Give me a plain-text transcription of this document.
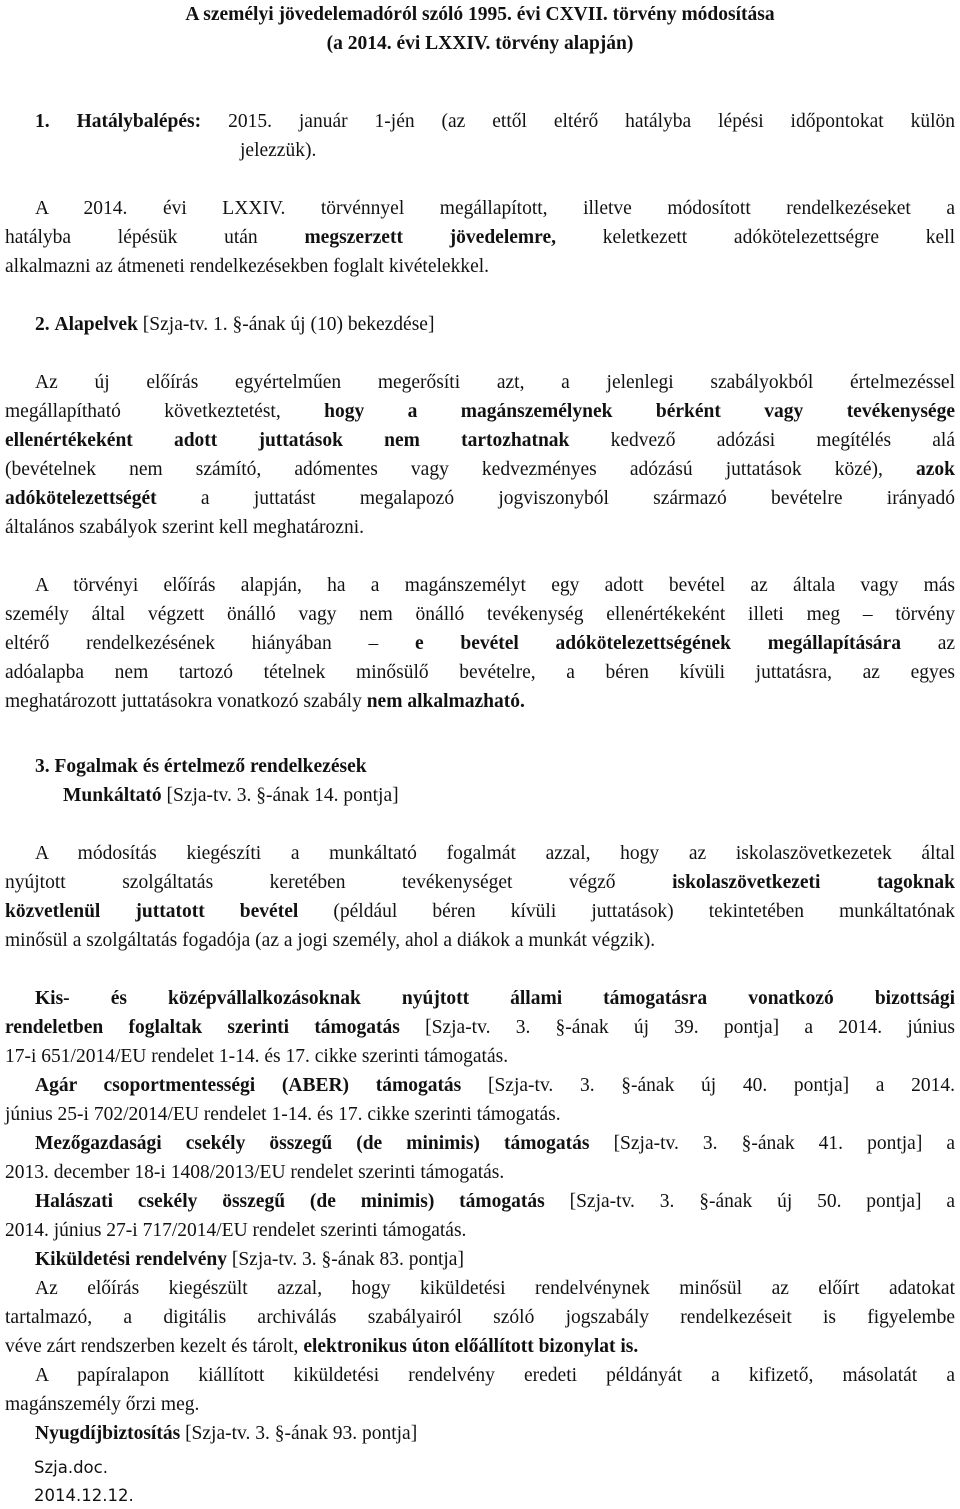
A személyi jövedelemadóról szóló 1995. évi CXVII. törvény módosítása
(a 2014. évi LXXIV. törvény alapján)
1. Hatálybalépés: 2015. január 1-jén (az ettől eltérő hatályba lépési időpontokat külön
jelezzük).
A 2014. évi LXXIV. törvénnyel megállapított, illetve módosított rendelkezéseket a
hatályba lépésük után megszerzett jövedelemre, keletkezett adókötelezettségre kell
alkalmazni az átmeneti rendelkezésekben foglalt kivételekkel.
2. Alapelvek [Szja-tv. 1. §-ának új (10) bekezdése]
Az új előírás egyértelműen megerősíti azt, a jelenlegi szabályokból értelmezéssel
megállapítható következtetést, hogy a magánszemélynek bérként vagy tevékenysége
ellenértékeként adott juttatások nem tartozhatnak kedvező adózási megítélés alá
(bevételnek nem számító, adómentes vagy kedvezményes adózású juttatások közé), azok
adókötelezettségét a juttatást megalapozó jogviszonyból származó bevételre irányadó
általános szabályok szerint kell meghatározni.
A törvényi előírás alapján, ha a magánszemélyt egy adott bevétel az általa vagy más
személy által végzett önálló vagy nem önálló tevékenység ellenértékeként illeti meg – törvény
eltérő rendelkezésének hiányában – e bevétel adókötelezettségének megállapítására az
adóalapba nem tartozó tételnek minősülő bevételre, a béren kívüli juttatásra, az egyes
meghatározott juttatásokra vonatkozó szabály nem alkalmazható.
3. Fogalmak és értelmező rendelkezések
Munkáltató [Szja-tv. 3. §-ának 14. pontja]
A módosítás kiegészíti a munkáltató fogalmát azzal, hogy az iskolaszövetkezetek által
nyújtott szolgáltatás keretében tevékenységet végző	iskolaszövetkezeti tagoknak
közvetlenül juttatott bevétel (például béren kívüli juttatások) tekintetében munkáltatónak
minősül a szolgáltatás fogadója (az a jogi személy, ahol a diákok a munkát végzik).
Kis- és középvállalkozásoknak nyújtott állami támogatásra vonatkozó bizottsági
rendeletben foglaltak szerinti támogatás [Szja-tv. 3. §-ának új 39. pontja] a 2014. június
17-i 651/2014/EU rendelet 1-14. és 17. cikke szerinti támogatás.
Agár csoportmentességi (ABER) támogatás [Szja-tv. 3. §-ának új 40. pontja] a 2014.
június 25-i 702/2014/EU rendelet 1-14. és 17. cikke szerinti támogatás.
Mezőgazdasági csekély összegű (de minimis) támogatás [Szja-tv. 3. §-ának 41. pontja] a
2013. december 18-i 1408/2013/EU rendelet szerinti támogatás.
Halászati csekély összegű (de minimis) támogatás [Szja-tv. 3. §-ának új 50. pontja] a
2014. június 27-i 717/2014/EU rendelet szerinti támogatás.
Kiküldetési rendelvény [Szja-tv. 3. §-ának 83. pontja]
Az előírás kiegészült azzal, hogy kiküldetési rendelvénynek minősül az előírt adatokat
tartalmazó, a digitális archiválás szabályairól szóló jogszabály rendelkezéseit is figyelembe
véve zárt rendszerben kezelt és tárolt, elektronikus úton előállított bizonylat is.
A papíralapon kiállított kiküldetési rendelvény eredeti példányát a kifizető, másolatát a
magánszemély őrzi meg.
Nyugdíjbiztosítás [Szja-tv. 3. §-ának 93. pontja]
Szja.doc.
2014.12.12.
